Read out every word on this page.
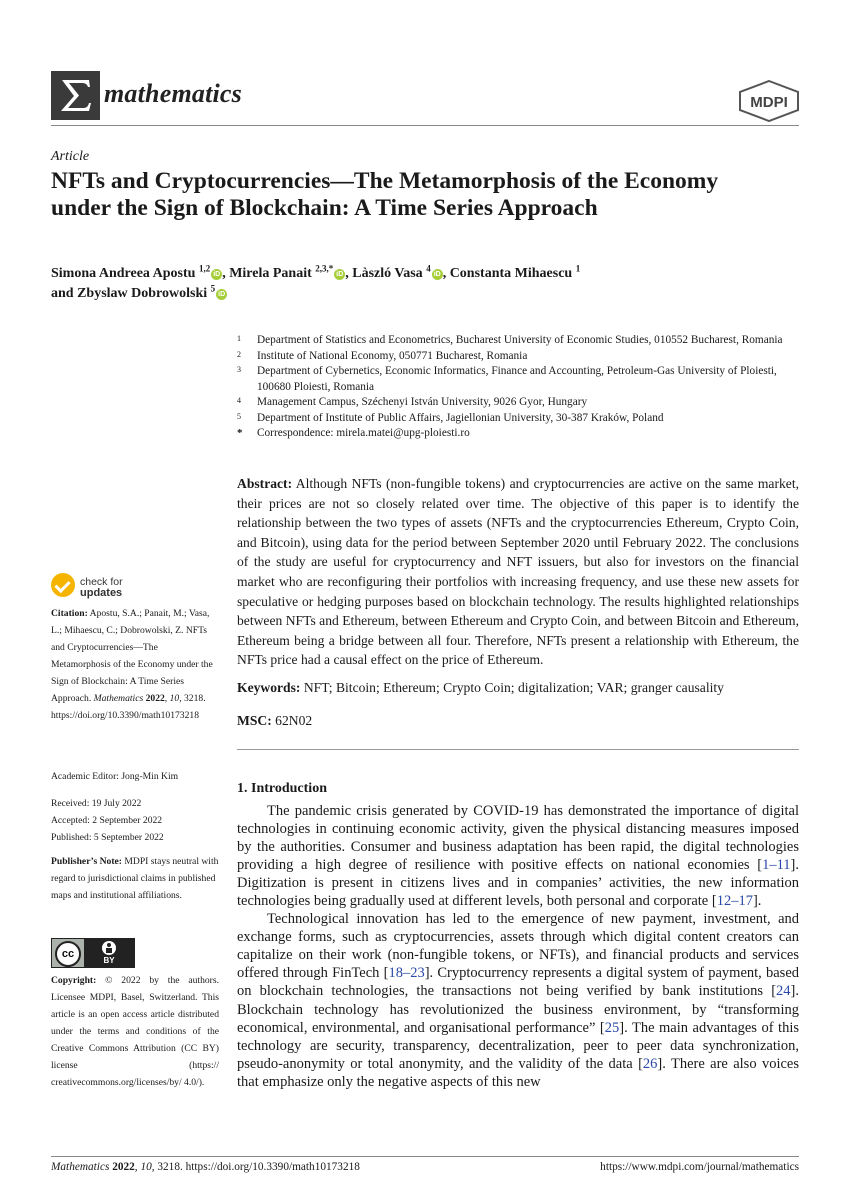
mathematics	MDPI
Article
NFTs and Cryptocurrencies—The Metamorphosis of the Economy under the Sign of Blockchain: A Time Series Approach
Simona Andreea Apostu $^{1,2}$iD , Mirela Panait $^{2,3,*}$iD , Làszló Vasa $^4$iD , Constanta Mihaescu $^1$
and Zbyslaw Dobrowolski $^5$iD
1	Department of Statistics and Econometrics, Bucharest University of Economic Studies, 010552 Bucharest, Romania
2	Institute of National Economy, 050771 Bucharest, Romania
3	Department of Cybernetics, Economic Informatics, Finance and Accounting, Petroleum-Gas University of Ploiesti, 100680 Ploiesti, Romania
4	Management Campus, Széchenyi István University, 9026 Gyor, Hungary
5	Department of Institute of Public Affairs, Jagiellonian University, 30-387 Kraków, Poland
*	Correspondence: mirela.matei@upg-ploiesti.ro
Abstract: Although NFTs (non-fungible tokens) and cryptocurrencies are active on the same market, their prices are not so closely related over time. The objective of this paper is to identify the relationship between the two types of assets (NFTs and the cryptocurrencies Ethereum, Crypto Coin, and Bitcoin), using data for the period between September 2020 until February 2022. The conclusions of the study are useful for cryptocurrency and NFT issuers, but also for investors on the financial market who are reconfiguring their portfolios with increasing frequency, and use these new assets for speculative or hedging purposes based on blockchain technology. The results highlighted relationships between NFTs and Ethereum, between Ethereum and Crypto Coin, and between Bitcoin and Ethereum, Ethereum being a bridge between all four. Therefore, NFTs present a relationship with Ethereum, the NFTs price had a causal effect on the price of Ethereum.
Keywords: NFT; Bitcoin; Ethereum; Crypto Coin; digitalization; VAR; granger causality
MSC: 62N02
1. Introduction

The pandemic crisis generated by COVID-19 has demonstrated the importance of digital technologies in continuing economic activity, given the physical distancing measures imposed by the authorities. Consumer and business adaptation has been rapid, the digital technologies providing a high degree of resilience with positive effects on national economies [1–11]. Digitization is present in citizens lives and in companies’ activities, the new information technologies being gradually used at different levels, both personal and corporate [12–17].

Technological innovation has led to the emergence of new payment, investment, and exchange forms, such as cryptocurrencies, assets through which digital content creators can capitalize on their work (non-fungible tokens, or NFTs), and financial products and services offered through FinTech [18–23]. Cryptocurrency represents a digital system of payment, based on blockchain technologies, the transactions not being verified by bank institutions [24]. Blockchain technology has revolutionized the business environment, by “transforming economical, environmental, and organisational performance” [25]. The main advantages of this technology are security, transparency, decentralization, peer to peer data synchronization, pseudo-anonymity or total anonymity, and the validity of the data [26]. There are also voices that emphasize only the negative aspects of this new

check for
updates
Citation: Apostu, S.A.; Panait, M.; Vasa, L.; Mihaescu, C.; Dobrowolski, Z. NFTs and Cryptocurrencies—The Metamorphosis of the Economy under the Sign of Blockchain: A Time Series Approach. Mathematics 2022, 10, 3218. https://doi.org/10.3390/math10173218
Academic Editor: Jong-Min Kim
Received: 19 July 2022
Accepted: 2 September 2022
Published: 5 September 2022
Publisher’s Note: MDPI stays neutral with regard to jurisdictional claims in published maps and institutional affiliations.
cc
BY
Copyright: © 2022 by the authors. Licensee MDPI, Basel, Switzerland. This article is an open access article distributed under the terms and conditions of the Creative Commons Attribution (CC BY) license (https:// creativecommons.org/licenses/by/ 4.0/).
Mathematics 2022, 10, 3218. https://doi.org/10.3390/math10173218	https://www.mdpi.com/journal/mathematics
